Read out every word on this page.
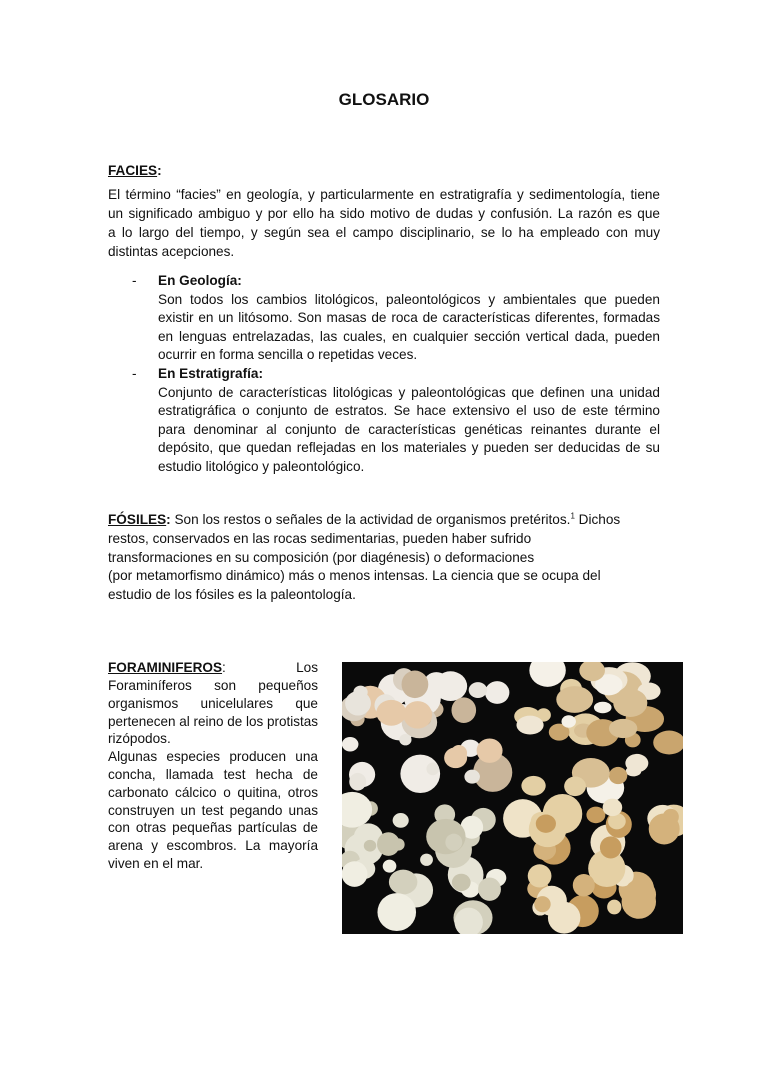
GLOSARIO
FACIES:
El término “facies” en geología, y particularmente en estratigrafía y sedimentología, tiene
un significado ambiguo y por ello ha sido motivo de dudas y confusión. La razón es que
a lo largo del tiempo, y según sea el campo disciplinario, se lo ha empleado con muy
distintas acepciones.
- En Geología:
Son todos los cambios litológicos, paleontológicos y ambientales que pueden
existir en un litósomo. Son masas de roca de características diferentes, formadas
en lenguas entrelazadas, las cuales, en cualquier sección vertical dada, pueden
ocurrir en forma sencilla o repetidas veces.
- En Estratigrafía:
Conjunto de características litológicas y paleontológicas que definen una unidad
estratigráfica o conjunto de estratos. Se hace extensivo el uso de este término
para denominar al conjunto de características genéticas reinantes durante el
depósito, que quedan reflejadas en los materiales y pueden ser deducidas de su
estudio litológico y paleontológico.
FÓSILES: Son los restos o señales de la actividad de organismos pretéritos.$^1$ Dichos
restos, conservados en las rocas sedimentarias, pueden haber sufrido
transformaciones en su composición (por diagénesis) o deformaciones
(por metamorfismo dinámico) más o menos intensas. La ciencia que se ocupa del
estudio de los fósiles es la paleontología.
FORAMINIFEROS:	Los
Foraminíferos son pequeños
organismos unicelulares que
pertenecen al reino de los protistas
rizópodos.
Algunas especies producen una
concha, llamada test hecha de
carbonato cálcico o quitina, otros
construyen un test pegando unas
con otras pequeñas partículas de
arena y escombros. La mayoría
viven en el mar.
